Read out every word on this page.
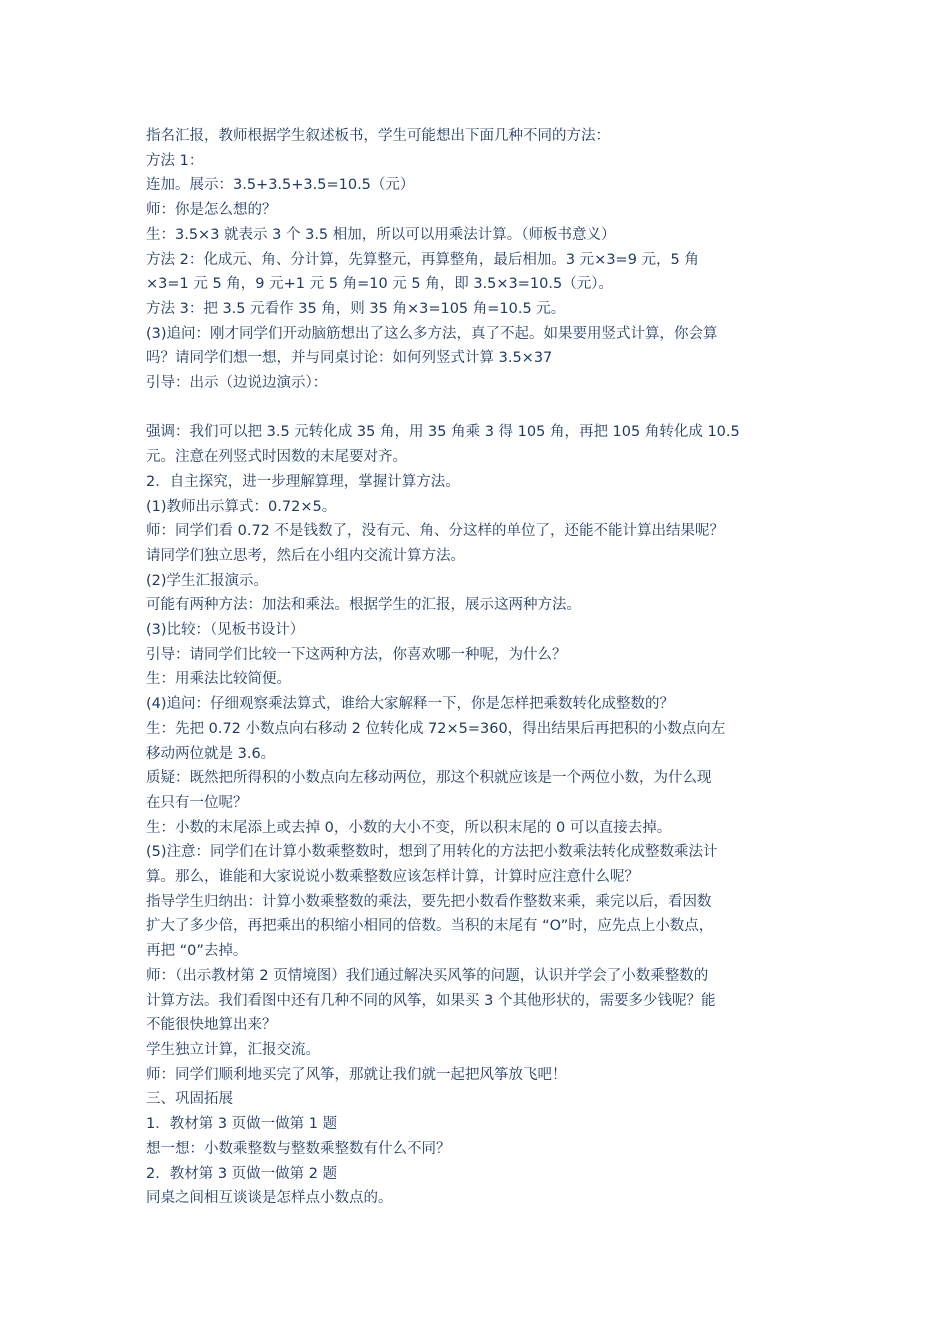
指名汇报，教师根据学生叙述板书，学生可能想出下面几种不同的方法：
方法 1：
连加。展示：3.5+3.5+3.5=10.5（元）
师：你是怎么想的？
生：3.5×3 就表示 3 个 3.5 相加，所以可以用乘法计算。（师板书意义）
方法 2：化成元、角、分计算，先算整元，再算整角，最后相加。3 元×3=9 元，5 角
×3=1 元 5 角，9 元+1 元 5 角=10 元 5 角，即 3.5×3=10.5（元）。
方法 3：把 3.5 元看作 35 角，则 35 角×3=105 角=10.5 元。
(3)追问：刚才同学们开动脑筋想出了这么多方法，真了不起。如果要用竖式计算，你会算
吗？请同学们想一想，并与同桌讨论：如何列竖式计算 3.5×37
引导：出示（边说边演示）：
强调：我们可以把 3.5 元转化成 35 角，用 35 角乘 3 得 105 角，再把 105 角转化成 10.5
元。注意在列竖式时因数的末尾要对齐。
2．自主探究，进一步理解算理，掌握计算方法。
(1)教师出示算式：0.72×5。
师：同学们看 0.72 不是钱数了，没有元、角、分这样的单位了，还能不能计算出结果呢？
请同学们独立思考，然后在小组内交流计算方法。
(2)学生汇报演示。
可能有两种方法：加法和乘法。根据学生的汇报，展示这两种方法。
(3)比较：（见板书设计）
引导：请同学们比较一下这两种方法，你喜欢哪一种呢，为什么？
生：用乘法比较简便。
(4)追问：仔细观察乘法算式，谁给大家解释一下，你是怎样把乘数转化成整数的？
生：先把 0.72 小数点向右移动 2 位转化成 72×5=360，得出结果后再把积的小数点向左
移动两位就是 3.6。
质疑：既然把所得积的小数点向左移动两位，那这个积就应该是一个两位小数，为什么现
在只有一位呢？
生：小数的末尾添上或去掉 0，小数的大小不变，所以积末尾的 0 可以直接去掉。
(5)注意：同学们在计算小数乘整数时，想到了用转化的方法把小数乘法转化成整数乘法计
算。那么，谁能和大家说说小数乘整数应该怎样计算，计算时应注意什么呢？
指导学生归纳出：计算小数乘整数的乘法，要先把小数看作整数来乘，乘完以后，看因数
扩大了多少倍，再把乘出的积缩小相同的倍数。当积的末尾有 “O”时，应先点上小数点，
再把 “0”去掉。
师：（出示教材第 2 页情境图）我们通过解决买风筝的问题，认识并学会了小数乘整数的
计算方法。我们看图中还有几种不同的风筝，如果买 3 个其他形状的，需要多少钱呢？能
不能很快地算出来？
学生独立计算，汇报交流。
师：同学们顺利地买完了风筝，那就让我们就一起把风筝放飞吧！
三、巩固拓展
1．教材第 3 页做一做第 1 题
想一想：小数乘整数与整数乘整数有什么不同？
2．教材第 3 页做一做第 2 题
同桌之间相互谈谈是怎样点小数点的。
